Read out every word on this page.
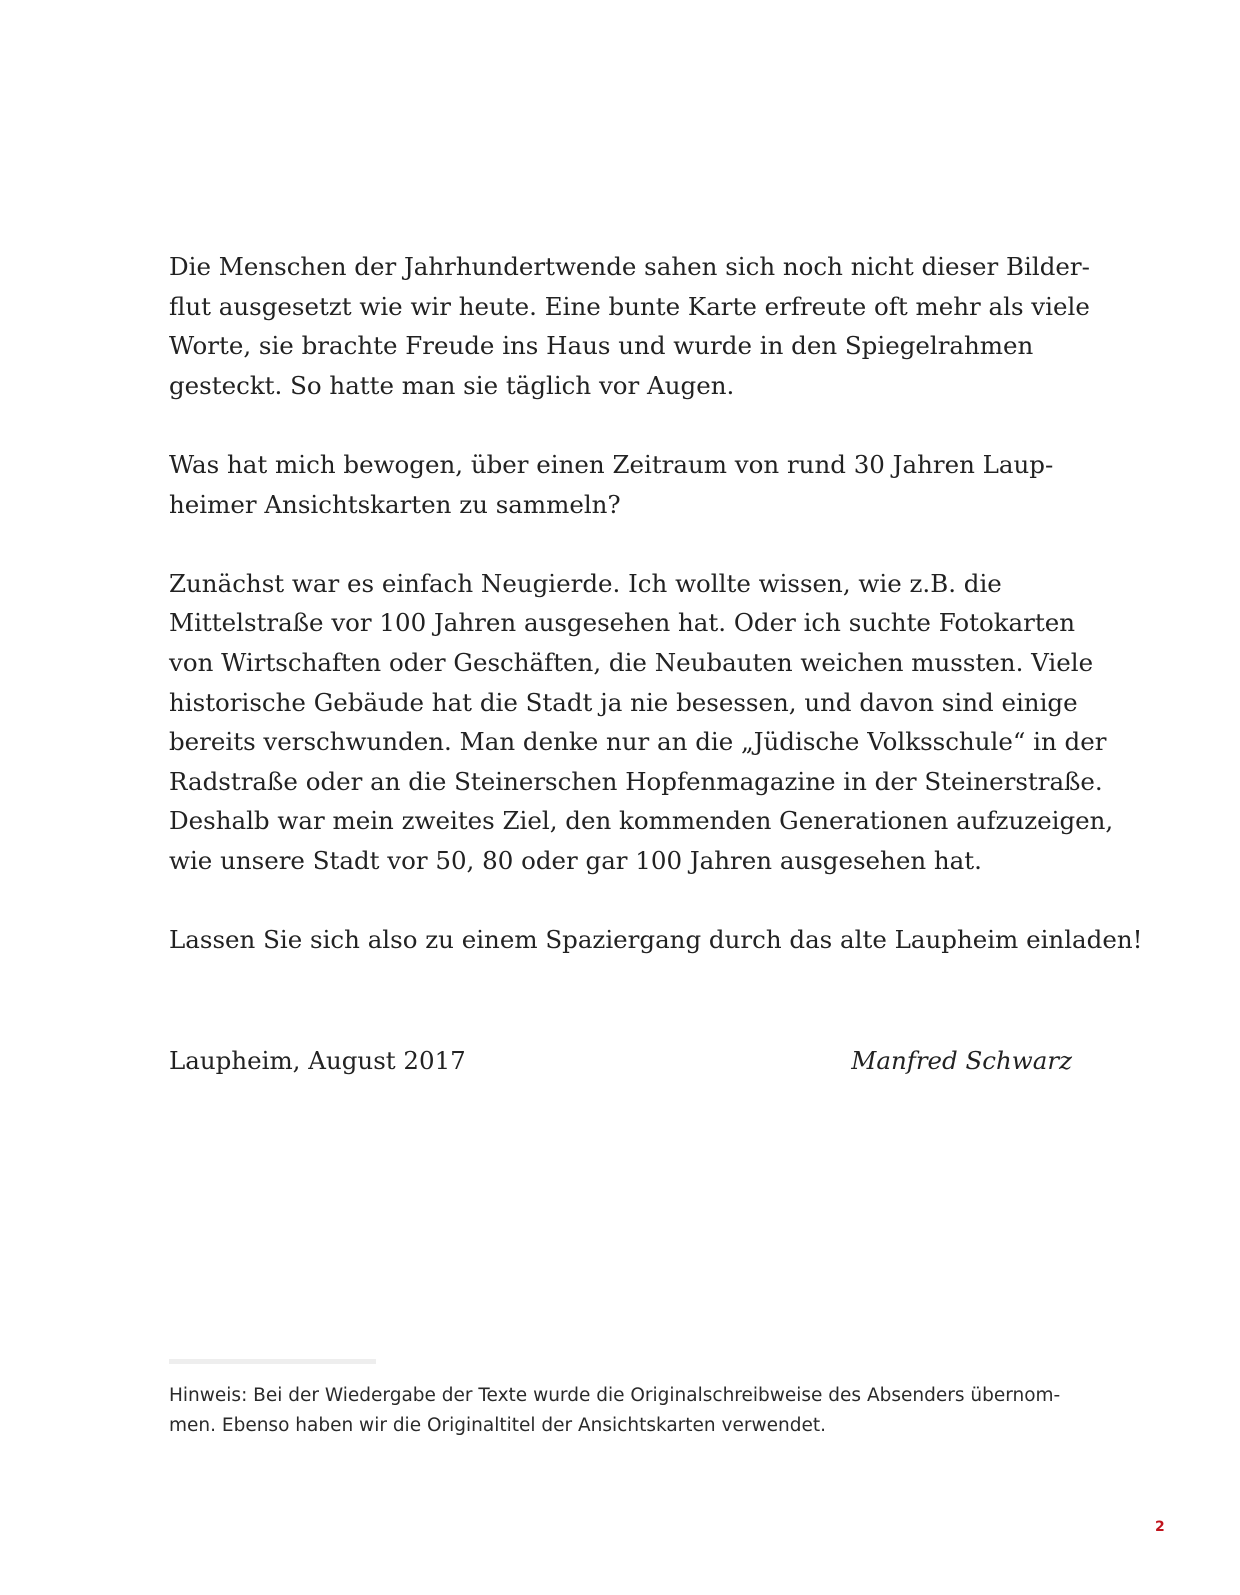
Die Menschen der Jahrhundertwende sahen sich noch nicht dieser Bilder-
flut ausgesetzt wie wir heute. Eine bunte Karte erfreute oft mehr als viele
Worte, sie brachte Freude ins Haus und wurde in den Spiegelrahmen
gesteckt. So hatte man sie täglich vor Augen.

Was hat mich bewogen, über einen Zeitraum von rund 30 Jahren Laup-
heimer Ansichtskarten zu sammeln?

Zunächst war es einfach Neugierde. Ich wollte wissen, wie z.B. die
Mittelstraße vor 100 Jahren ausgesehen hat. Oder ich suchte Fotokarten
von Wirtschaften oder Geschäften, die Neubauten weichen mussten. Viele
historische Gebäude hat die Stadt ja nie besessen, und davon sind einige
bereits verschwunden. Man denke nur an die „Jüdische Volksschule“ in der
Radstraße oder an die Steinerschen Hopfenmagazine in der Steinerstraße.
Deshalb war mein zweites Ziel, den kommenden Generationen aufzuzeigen,
wie unsere Stadt vor 50, 80 oder gar 100 Jahren ausgesehen hat.

Lassen Sie sich also zu einem Spaziergang durch das alte Laupheim einladen!

Laupheim, August 2017	Manfred Schwarz
Hinweis: Bei der Wiedergabe der Texte wurde die Originalschreibweise des Absenders übernom-
men. Ebenso haben wir die Originaltitel der Ansichtskarten verwendet.
2
